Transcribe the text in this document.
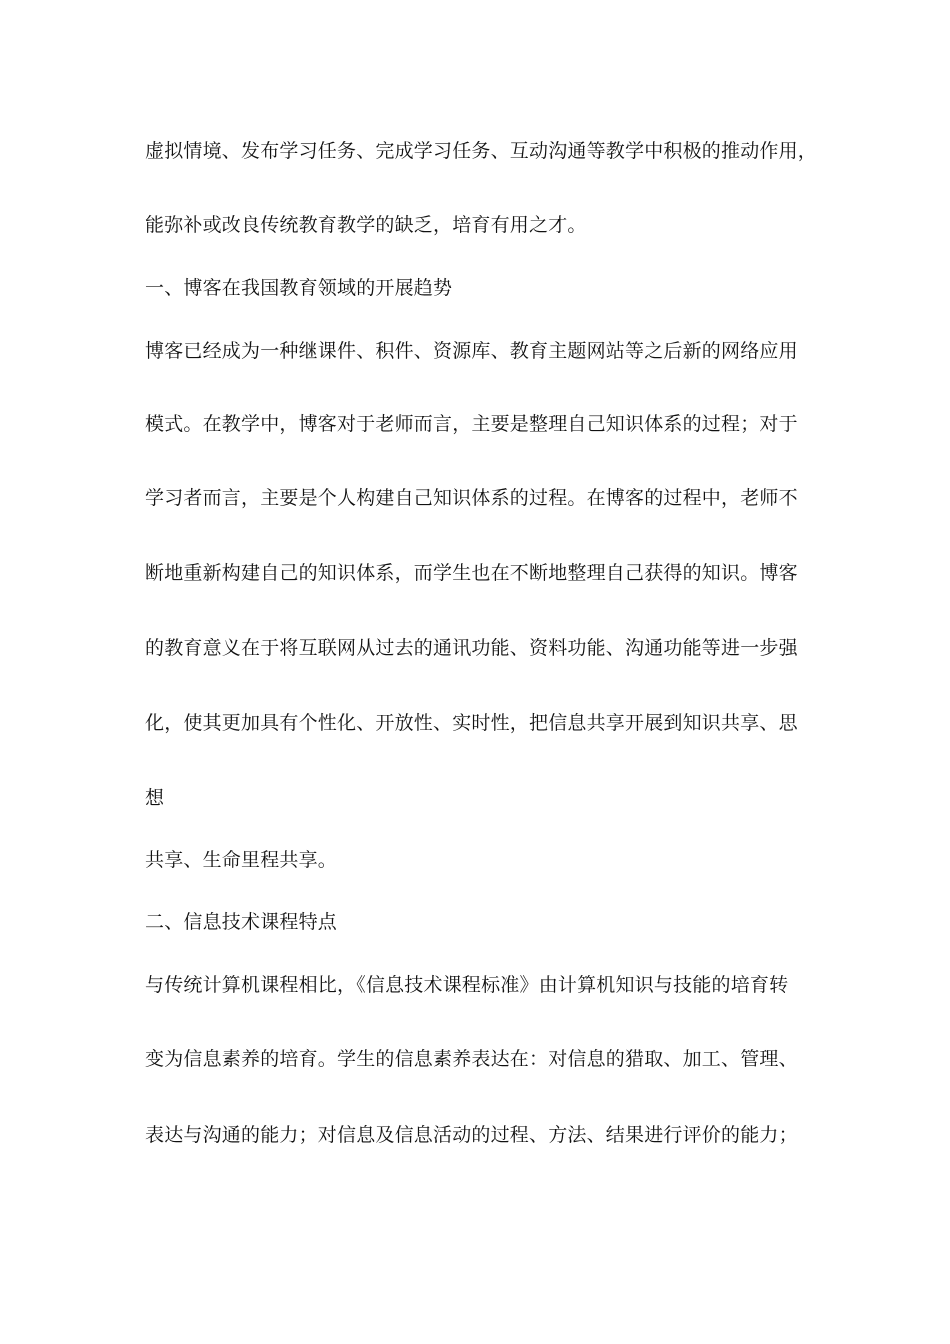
虚拟情境、发布学习任务、完成学习任务、互动沟通等教学中积极的推动作用，
能弥补或改良传统教育教学的缺乏，培育有用之才。
一、博客在我国教育领域的开展趋势
博客已经成为一种继课件、积件、资源库、教育主题网站等之后新的网络应用
模式。在教学中，博客对于老师而言，主要是整理自己知识体系的过程；对于
学习者而言，主要是个人构建自己知识体系的过程。在博客的过程中，老师不
断地重新构建自己的知识体系，而学生也在不断地整理自己获得的知识。博客
的教育意义在于将互联网从过去的通讯功能、资料功能、沟通功能等进一步强
化，使其更加具有个性化、开放性、实时性，把信息共享开展到知识共享、思
想
共享、生命里程共享。
二、信息技术课程特点
与传统计算机课程相比，《信息技术课程标准》由计算机知识与技能的培育转
变为信息素养的培育。学生的信息素养表达在：对信息的猎取、加工、管理、
表达与沟通的能力；对信息及信息活动的过程、方法、结果进行评价的能力；
